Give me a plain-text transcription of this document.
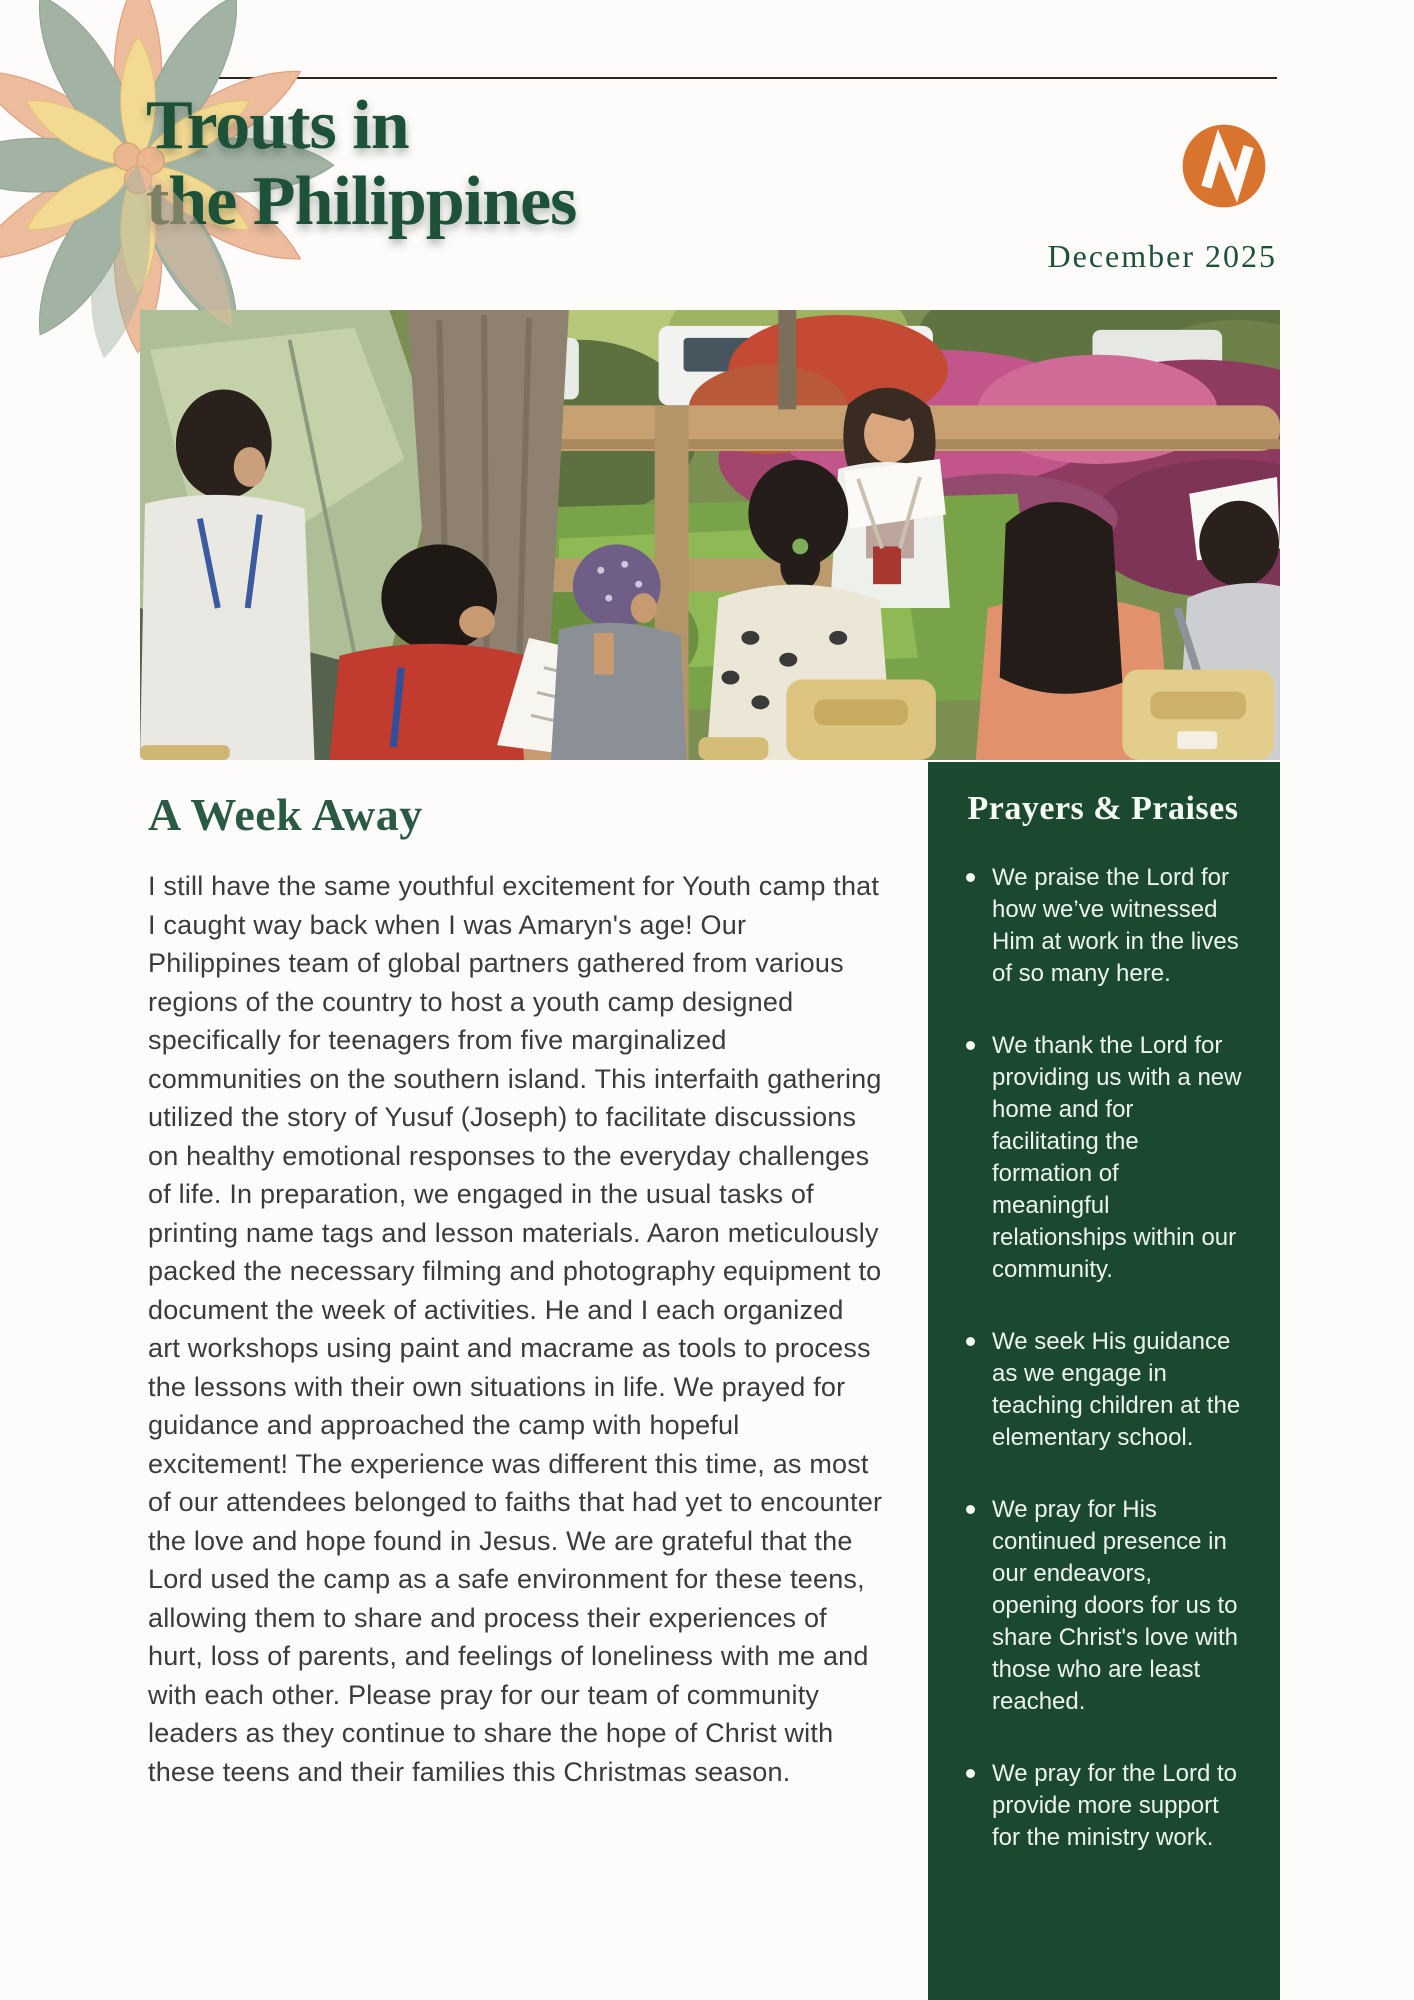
Trouts in
the Philippines
December 2025
A Week Away

I still have the same youthful excitement for Youth camp that I caught way back when I was Amaryn's age! Our Philippines team of global partners gathered from various regions of the country to host a youth camp designed specifically for teenagers from five marginalized communities on the southern island. This interfaith gathering utilized the story of Yusuf (Joseph) to facilitate discussions on healthy emotional responses to the everyday challenges of life. In preparation, we engaged in the usual tasks of printing name tags and lesson materials. Aaron meticulously packed the necessary filming and photography equipment to document the week of activities. He and I each organized art workshops using paint and macrame as tools to process the lessons with their own situations in life. We prayed for guidance and approached the camp with hopeful excitement! The experience was different this time, as most of our attendees belonged to faiths that had yet to encounter the love and hope found in Jesus. We are grateful that the Lord used the camp as a safe environment for these teens, allowing them to share and process their experiences of hurt, loss of parents, and feelings of loneliness with me and with each other. Please pray for our team of community leaders as they continue to share the hope of Christ with these teens and their families this Christmas season.

Prayers & Praises
We praise the Lord for how we’ve witnessed Him at work in the lives of so many here.
We thank the Lord for providing us with a new home and for facilitating the formation of meaningful relationships within our community.
We seek His guidance as we engage in teaching children at the elementary school.
We pray for His continued presence in our endeavors, opening doors for us to share Christ's love with those who are least reached.
We pray for the Lord to provide more support for the ministry work.
